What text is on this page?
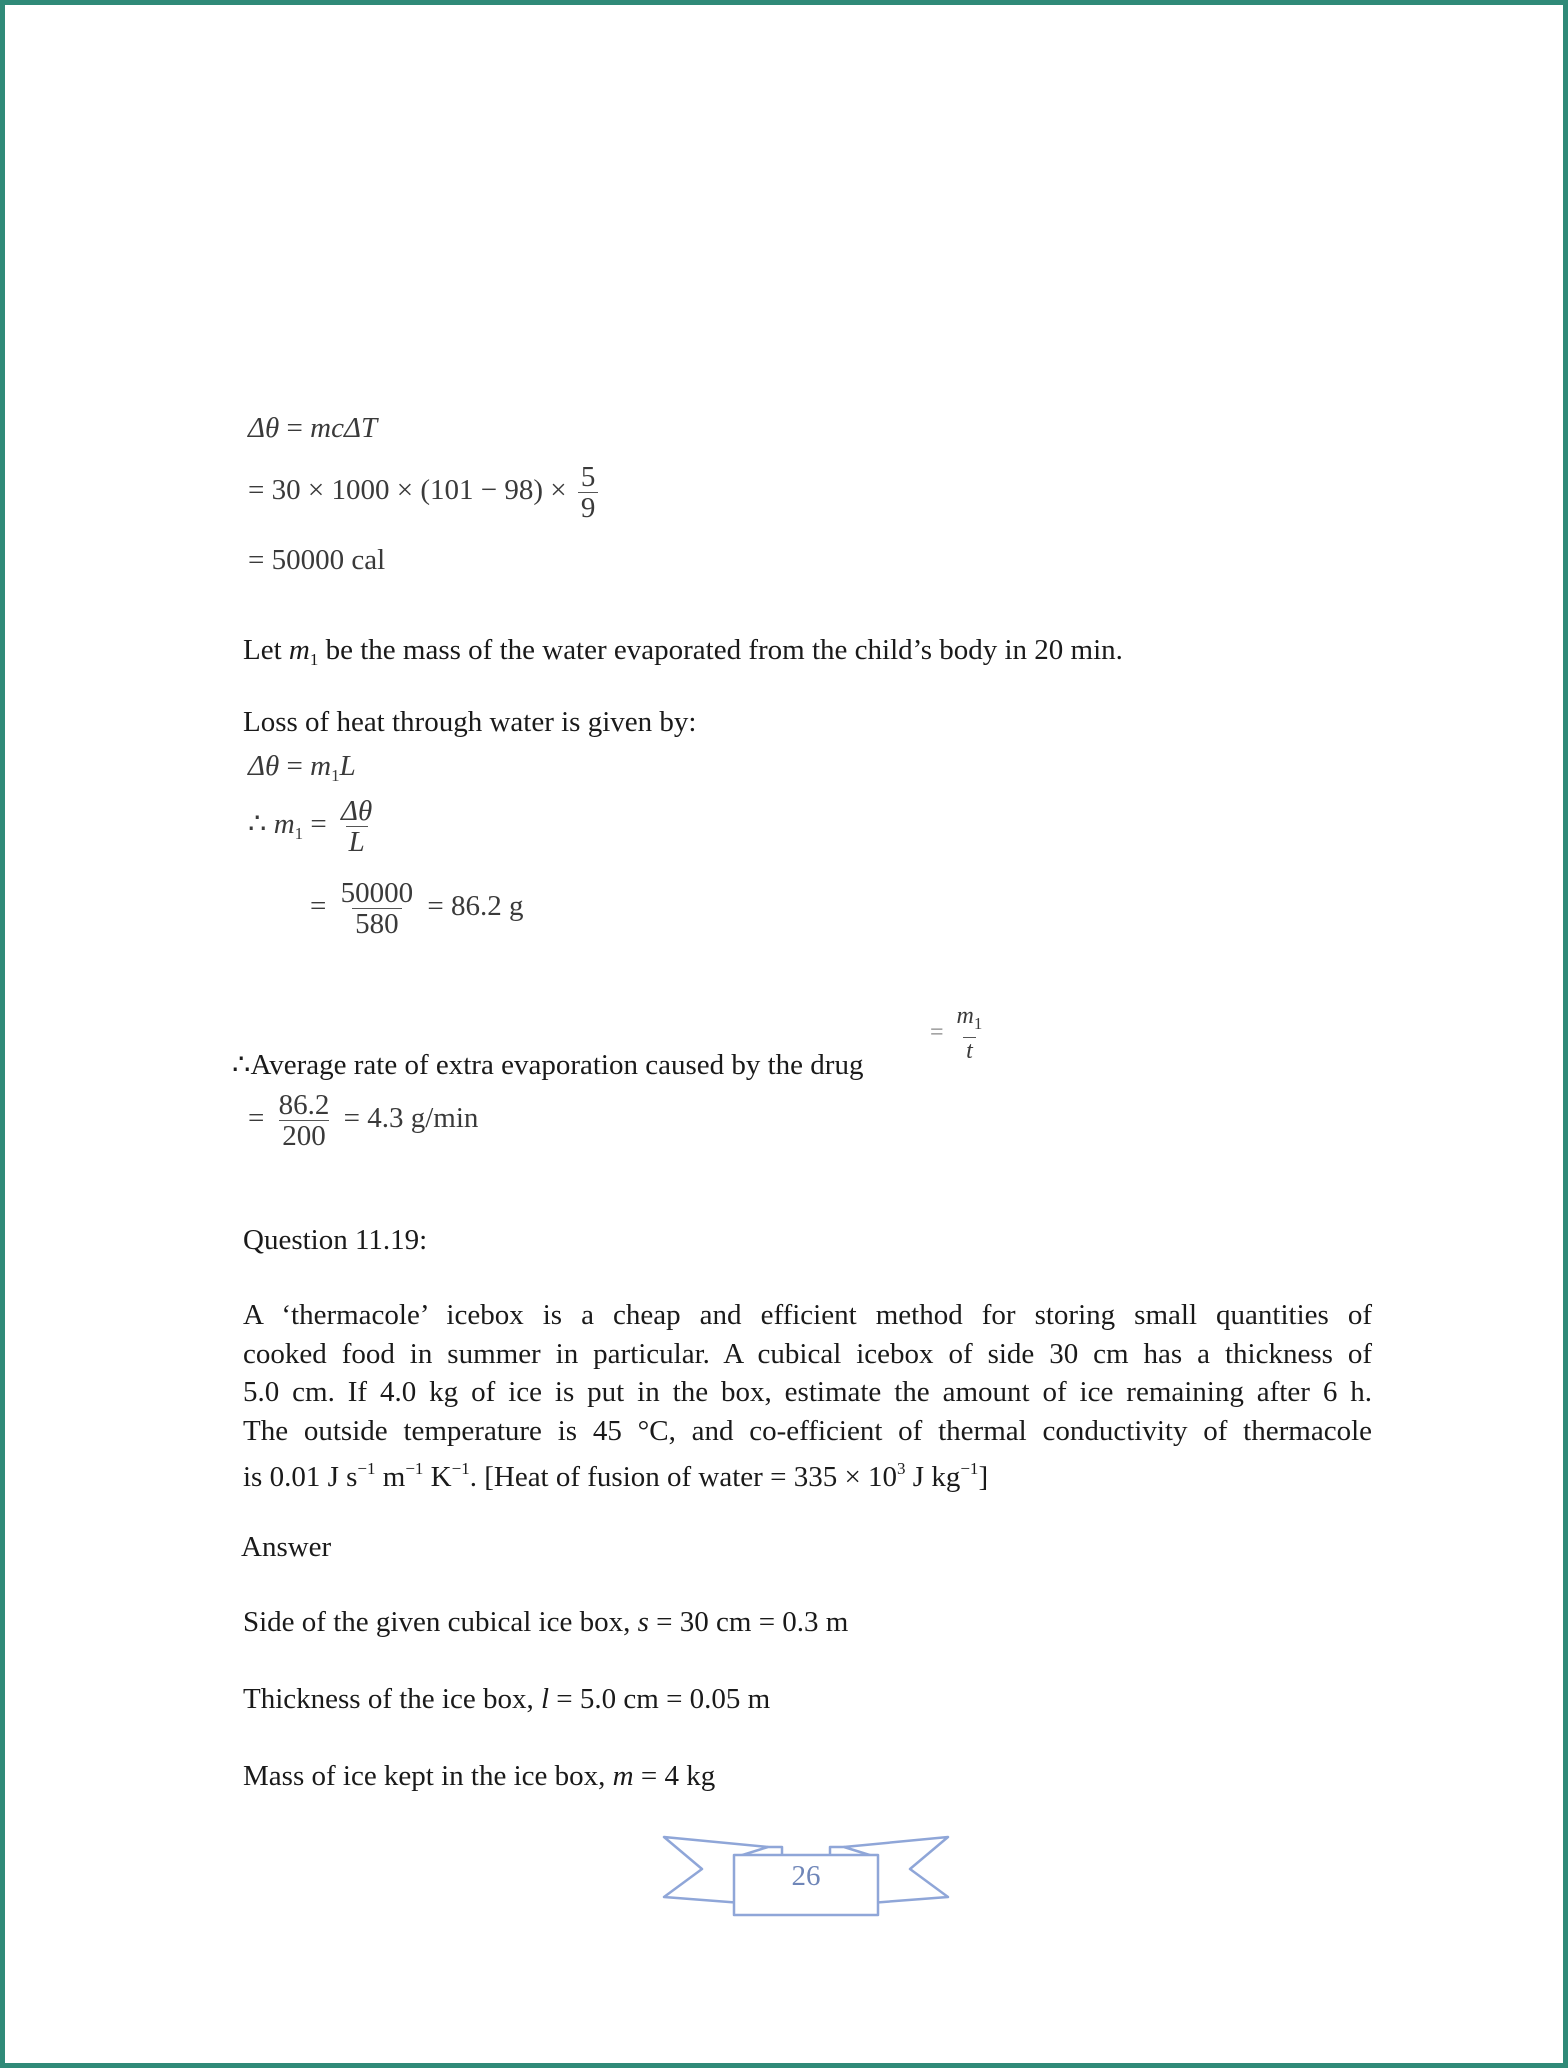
Δθ = mcΔT
= $30 \times 1000 \times (101 - 98) \times \frac{5}{9}$
= 50000 cal
Let $m_1$ be the mass of the water evaporated from the child’s body in 20 min.
Loss of heat through water is given by:
$\Delta\theta = m_1L$
∴ $m_1 = \frac{\Delta\theta}{L}$
= $\frac{50000}{580} = 86.2$ g
∴Average rate of extra evaporation caused by the drug
= $\frac{m_1}{t}$
= $\frac{86.2}{200} = 4.3$ g/min
Question 11.19:
A ‘thermacole’ icebox is a cheap and efficient method for storing small quantities of
cooked food in summer in particular. A cubical icebox of side 30 cm has a thickness of
5.0 cm. If 4.0 kg of ice is put in the box, estimate the amount of ice remaining after 6 h.
The outside temperature is 45 °C, and co-efficient of thermal conductivity of thermacole
is 0.01 J $s^{-1}$ $m^{-1}$ $K^{-1}$. [Heat of fusion of water = $335 \times 10^3$ J $kg^{-1}$]
Answer
Side of the given cubical ice box, s = 30 cm = 0.3 m
Thickness of the ice box, l = 5.0 cm = 0.05 m
Mass of ice kept in the ice box, m = 4 kg
26
